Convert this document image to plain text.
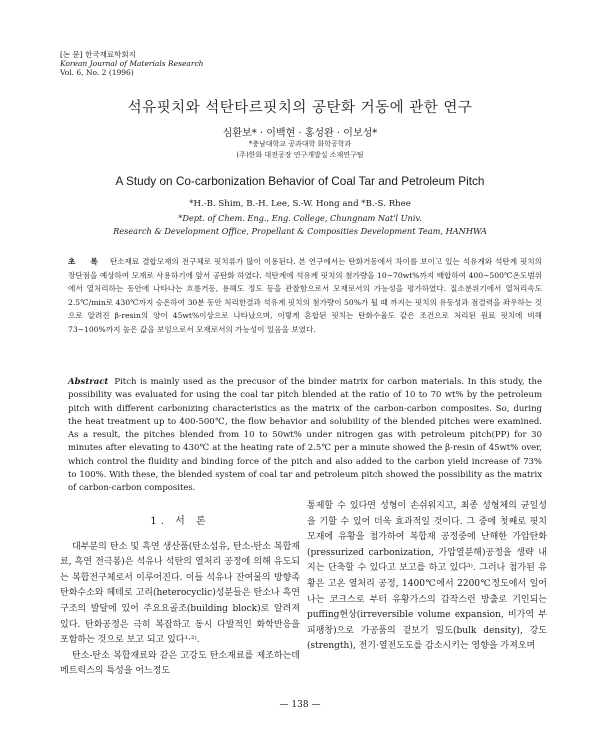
[논 문] 한국재료학회지
Korean Journal of Materials Research
Vol. 6, No. 2 (1996)
석유핏치와 석탄타르핏치의 공탄화 거동에 관한 연구
심환보* · 이백현 · 홍성완 · 이보성*
*충남대학교 공과대학 화학공학과
(주)한화 대전공장 연구개발실 소재연구팀
A Study on Co-carbonization Behavior of Coal Tar and Petroleum Pitch
*H.-B. Shim, B.-H. Lee, S.-W. Hong and *B.-S. Rhee
*Dept. of Chem. Eng., Eng. College, Chungnam Nat'l Univ.
Research & Development Office, Propellant & Composities Development Team, HANHWA
초 록 탄소재료 결합모재의 전구체로 핏치류가 많이 이용된다. 본 연구에서는 탄화거동에서 차이를 보이고 있는 석유계와 석탄계 핏치의 장단점을 예상하여 모재로 사용하기에 앞서 공탄화 하였다. 석탄계에 석유계 핏치의 첨가량을 10~70wt%까지 배합하여 400~500℃온도범위에서 열처리하는 동안에 나타나는 흐름거동, 용해도 정도 등을 관찰함으로서 모재로서의 가능성을 평가하였다. 질소분위기에서 열처리속도 2.5℃/min로 430℃까지 승온하여 30분 동안 처리한결과 석유계 핏치의 첨가량이 50%가 될 때 까지는 핏치의 유동성과 점결력을 좌우하는 것으로 알려진 β-resin의 양이 45wt%이상으로 나타났으며, 이렇게 혼합된 핏치는 탄화수율도 같은 조건으로 처리된 원료 핏치에 비해 73~100%까지 높은 값을 보임으로서 모재로서의 가능성이 있음을 보였다.
Abstract Pitch is mainly used as the precusor of the binder matrix for carbon materials. In this study, the possibility was evaluated for using the coal tar pitch blended at the ratio of 10 to 70 wt% by the petroleum pitch with different carbonizing characteristics as the matrix of the carbon-carbon composites. So, during the heat treatment up to 400-500℃, the flow behavior and solubility of the blended pitches were examined. As a result, the pitches blended from 10 to 50wt% under nitrogen gas with petroleum pitch(PP) for 30 minutes after elevating to 430℃ at the heating rate of 2.5℃ per a minute showed the β-resin of 45wt% over, which control the fluidity and binding force of the pitch and also added to the carbon yield increase of 73% to 100%. With these, the blended system of coal tar and petroleum pitch showed the possibility as the matrix of carbon-carbon composites.
1. 서 론

대부분의 탄소 및 흑연 생산품(탄소섬유, 탄소-탄소 복합재료, 흑연 전극봉)은 석유나 석탄의 열처리 공정에 의해 유도되는 복합전구체로서 이루어진다. 이들 석유나 잔여물의 방향족 탄화수소와 헤테로 고리(heterocyclic)성분들은 탄소나 흑연구조의 발달에 있어 주요요골조(building block)로 알려져 있다. 탄화공정은 극히 복잡하고 동시 다발적인 화학반응을 포함하는 것으로 보고 되고 있다¹·²⁾.

탄소-탄소 복합재료와 같은 고강도 탄소재료를 제조하는데 메트릭스의 특성을 어느정도

통제할 수 있다면 성형이 손쉬워지고, 최종 성형체의 균일성을 기할 수 있어 더욱 효과적일 것이다. 그 중에 첫째로 핏치 모재에 유황을 첨가하여 복합재 공정중에 난해한 가압탄화(pressurized carbonization, 가압열분해)공정을 생략 내지는 단축할 수 있다고 보고를 하고 있다³⁾. 그러나 첨가된 유황은 고온 열처리 공정, 1400℃에서 2200℃정도에서 일어나는 코크스로 부터 유황가스의 갑작스런 방출로 기인되는 puffing현상(irreversible volume expansion, 비가역 부피팽창)으로 가공품의 겉보기 밀도(bulk density), 강도(strength), 전기·열전도도를 감소시키는 영향을 가져오며

— 138 —
